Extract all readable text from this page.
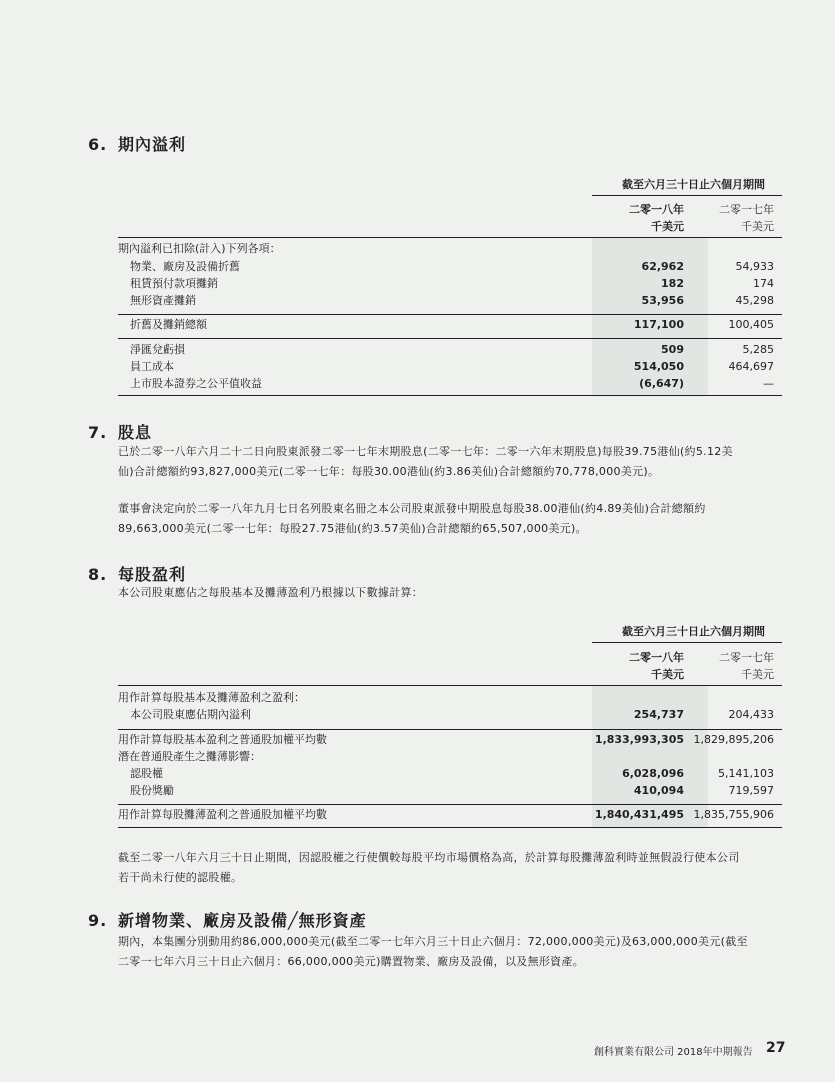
6. 期內溢利
截至六月三十日止六個月期間
二零一八年	二零一七年
千美元	千美元
期內溢利已扣除(計入)下列各項：
物業、廠房及設備折舊	62,962	54,933
租賃預付款項攤銷	182	174
無形資產攤銷	53,956	45,298
折舊及攤銷總額	117,100	100,405
淨匯兌虧損	509	5,285
員工成本	514,050	464,697
上市股本證券之公平值收益	(6,647)	—
7. 股息

已於二零一八年六月二十二日向股東派發二零一七年末期股息(二零一七年：二零一六年末期股息)每股39.75港仙(約5.12美

仙)合計總額約93,827,000美元(二零一七年：每股30.00港仙(約3.86美仙)合計總額約70,778,000美元)。

董事會決定向於二零一八年九月七日名列股東名冊之本公司股東派發中期股息每股38.00港仙(約4.89美仙)合計總額約

89,663,000美元(二零一七年：每股27.75港仙(約3.57美仙)合計總額約65,507,000美元)。

8. 每股盈利

本公司股東應佔之每股基本及攤薄盈利乃根據以下數據計算：

截至六月三十日止六個月期間
二零一八年	二零一七年
千美元	千美元
用作計算每股基本及攤薄盈利之盈利：
本公司股東應佔期內溢利	254,737	204,433
用作計算每股基本盈利之普通股加權平均數	1,833,993,305 1,829,895,206
潛在普通股產生之攤薄影響：
認股權	6,028,096	5,141,103
股份獎勵	410,094	719,597
用作計算每股攤薄盈利之普通股加權平均數	1,840,431,495 1,835,755,906

截至二零一八年六月三十日止期間，因認股權之行使價較每股平均市場價格為高，於計算每股攤薄盈利時並無假設行使本公司

若干尚未行使的認股權。

9. 新增物業、廠房及設備╱無形資產

期內，本集團分別動用約86,000,000美元(截至二零一七年六月三十日止六個月：72,000,000美元)及63,000,000美元(截至

二零一七年六月三十日止六個月：66,000,000美元)購置物業、廠房及設備，以及無形資產。

創科實業有限公司 2018年中期報告 27
